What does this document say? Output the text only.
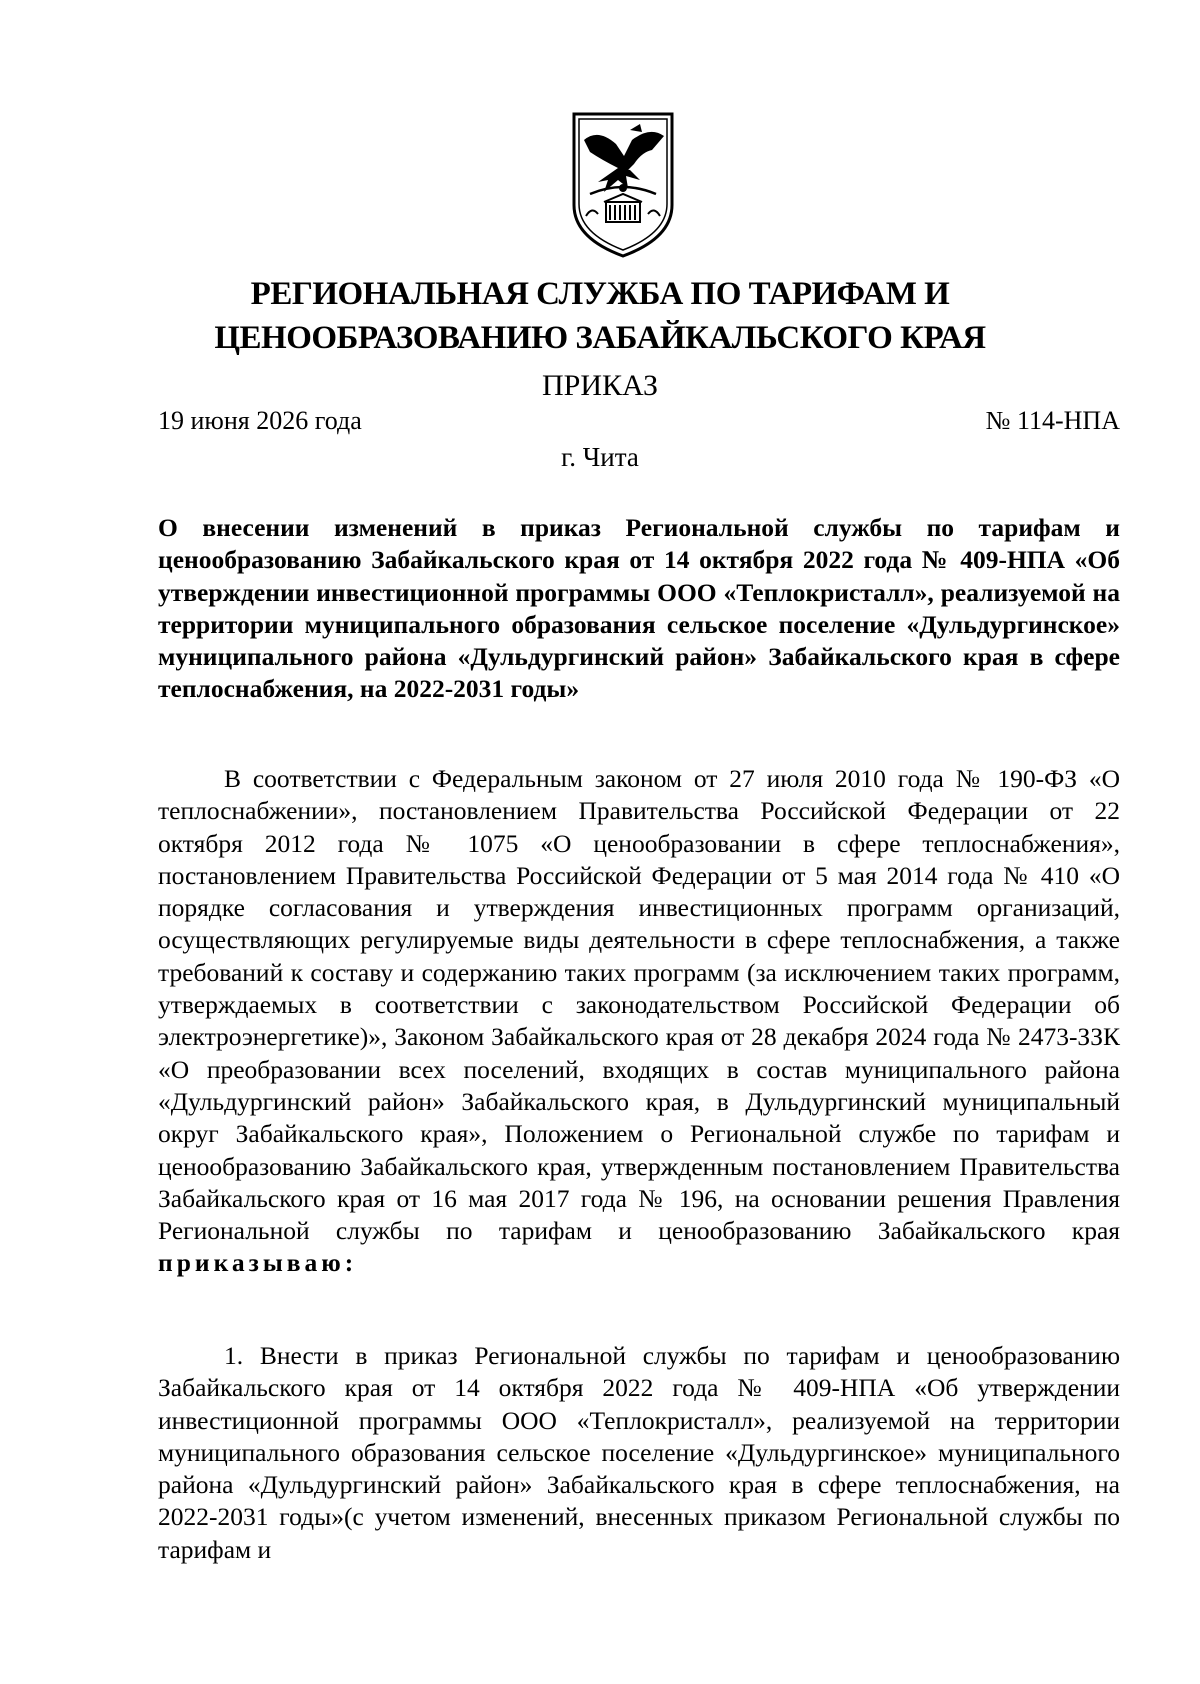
РЕГИОНАЛЬНАЯ СЛУЖБА ПО ТАРИФАМ И ЦЕНООБРАЗОВАНИЮ ЗАБАЙКАЛЬСКОГО КРАЯ
ПРИКАЗ
19 июня 2026 года	№ 114-НПА
г. Чита
О внесении изменений в приказ Региональной службы по тарифам и ценообразованию Забайкальского края от 14 октября 2022 года № 409-НПА «Об утверждении инвестиционной программы ООО «Теплокристалл», реализуемой на территории муниципального образования сельское поселение «Дульдургинское» муниципального района «Дульдургинский район» Забайкальского края в сфере теплоснабжения, на 2022-2031 годы»
В соответствии с Федеральным законом от 27 июля 2010 года № 190-ФЗ «О теплоснабжении», постановлением Правительства Российской Федерации от 22 октября 2012 года № 1075 «О ценообразовании в сфере теплоснабжения», постановлением Правительства Российской Федерации от 5 мая 2014 года № 410 «О порядке согласования и утверждения инвестиционных программ организаций, осуществляющих регулируемые виды деятельности в сфере теплоснабжения, а также требований к составу и содержанию таких программ (за исключением таких программ, утверждаемых в соответствии с законодательством Российской Федерации об электроэнергетике)», Законом Забайкальского края от 28 декабря 2024 года № 2473-ЗЗК «О преобразовании всех поселений, входящих в состав муниципального района «Дульдургинский район» Забайкальского края, в Дульдургинский муниципальный округ Забайкальского края», Положением о Региональной службе по тарифам и ценообразованию Забайкальского края, утвержденным постановлением Правительства Забайкальского края от 16 мая 2017 года № 196, на основании решения Правления Региональной службы по тарифам и ценообразованию Забайкальского края приказываю:
1. Внести в приказ Региональной службы по тарифам и ценообразованию Забайкальского края от 14 октября 2022 года № 409-НПА «Об утверждении инвестиционной программы ООО «Теплокристалл», реализуемой на территории муниципального образования сельское поселение «Дульдургинское» муниципального района «Дульдургинский район» Забайкальского края в сфере теплоснабжения, на 2022-2031 годы»(с учетом изменений, внесенных приказом Региональной службы по тарифам и
